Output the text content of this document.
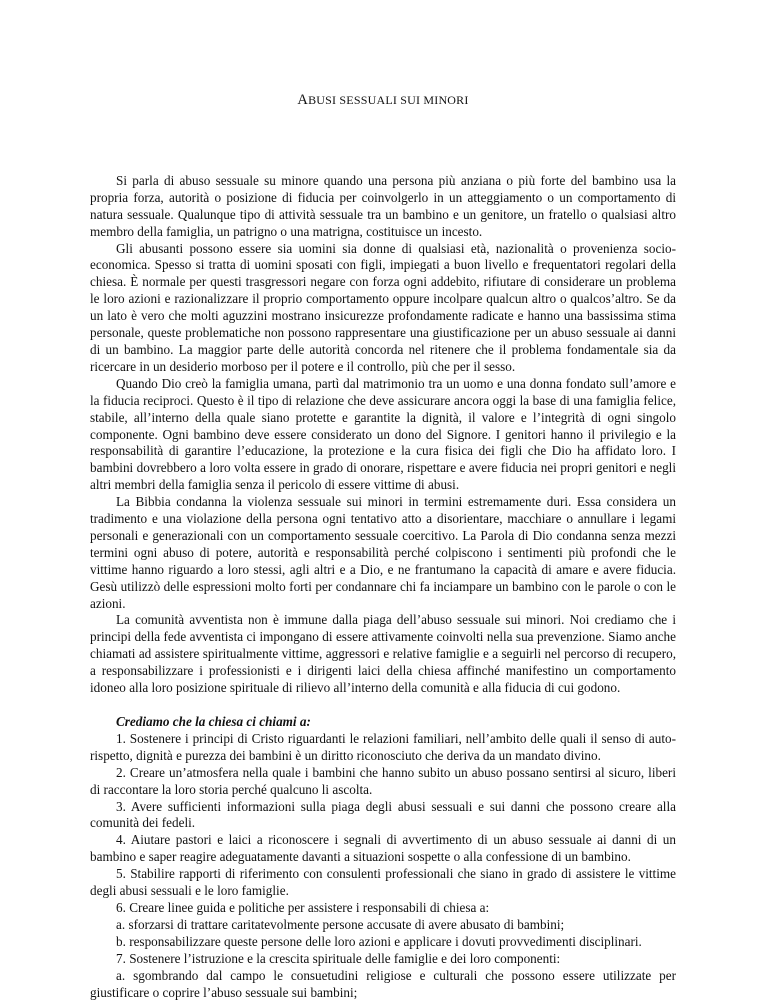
ABUSI SESSUALI SUI MINORI

Si parla di abuso sessuale su minore quando una persona più anziana o più forte del bambino usa la propria forza, autorità o posizione di fiducia per coinvolgerlo in un atteggiamento o un comportamento di natura sessuale. Qualunque tipo di attività sessuale tra un bambino e un genitore, un fratello o qualsiasi altro membro della famiglia, un patrigno o una matrigna, costituisce un incesto.

Gli abusanti possono essere sia uomini sia donne di qualsiasi età, nazionalità o provenienza socio-economica. Spesso si tratta di uomini sposati con figli, impiegati a buon livello e frequentatori regolari della chiesa. È normale per questi trasgressori negare con forza ogni addebito, rifiutare di considerare un problema le loro azioni e razionalizzare il proprio comportamento oppure incolpare qualcun altro o qualcos’altro. Se da un lato è vero che molti aguzzini mostrano insicurezze profondamente radicate e hanno una bassissima stima personale, queste problematiche non possono rappresentare una giustificazione per un abuso sessuale ai danni di un bambino. La maggior parte delle autorità concorda nel ritenere che il problema fondamentale sia da ricercare in un desiderio morboso per il potere e il controllo, più che per il sesso.

Quando Dio creò la famiglia umana, partì dal matrimonio tra un uomo e una donna fondato sull’amore e la fiducia reciproci. Questo è il tipo di relazione che deve assicurare ancora oggi la base di una famiglia felice, stabile, all’interno della quale siano protette e garantite la dignità, il valore e l’integrità di ogni singolo componente. Ogni bambino deve essere considerato un dono del Signore. I genitori hanno il privilegio e la responsabilità di garantire l’educazione, la protezione e la cura fisica dei figli che Dio ha affidato loro. I bambini dovrebbero a loro volta essere in grado di onorare, rispettare e avere fiducia nei propri genitori e negli altri membri della famiglia senza il pericolo di essere vittime di abusi.

La Bibbia condanna la violenza sessuale sui minori in termini estremamente duri. Essa considera un tradimento e una violazione della persona ogni tentativo atto a disorientare, macchiare o annullare i legami personali e generazionali con un comportamento sessuale coercitivo. La Parola di Dio condanna senza mezzi termini ogni abuso di potere, autorità e responsabilità perché colpiscono i sentimenti più profondi che le vittime hanno riguardo a loro stessi, agli altri e a Dio, e ne frantumano la capacità di amare e avere fiducia. Gesù utilizzò delle espressioni molto forti per condannare chi fa inciampare un bambino con le parole o con le azioni.

La comunità avventista non è immune dalla piaga dell’abuso sessuale sui minori. Noi crediamo che i principi della fede avventista ci impongano di essere attivamente coinvolti nella sua prevenzione. Siamo anche chiamati ad assistere spiritualmente vittime, aggressori e relative famiglie e a seguirli nel percorso di recupero, a responsabilizzare i professionisti e i dirigenti laici della chiesa affinché manifestino un comportamento idoneo alla loro posizione spirituale di rilievo all’interno della comunità e alla fiducia di cui godono.

Crediamo che la chiesa ci chiami a:

1. Sostenere i principi di Cristo riguardanti le relazioni familiari, nell’ambito delle quali il senso di auto-rispetto, dignità e purezza dei bambini è un diritto riconosciuto che deriva da un mandato divino.

2. Creare un’atmosfera nella quale i bambini che hanno subito un abuso possano sentirsi al sicuro, liberi di raccontare la loro storia perché qualcuno li ascolta.

3. Avere sufficienti informazioni sulla piaga degli abusi sessuali e sui danni che possono creare alla comunità dei fedeli.

4. Aiutare pastori e laici a riconoscere i segnali di avvertimento di un abuso sessuale ai danni di un bambino e saper reagire adeguatamente davanti a situazioni sospette o alla confessione di un bambino.

5. Stabilire rapporti di riferimento con consulenti professionali che siano in grado di assistere le vittime degli abusi sessuali e le loro famiglie.

6. Creare linee guida e politiche per assistere i responsabili di chiesa a:

a. sforzarsi di trattare caritatevolmente persone accusate di avere abusato di bambini;

b. responsabilizzare queste persone delle loro azioni e applicare i dovuti provvedimenti disciplinari.

7. Sostenere l’istruzione e la crescita spirituale delle famiglie e dei loro componenti:

a. sgombrando dal campo le consuetudini religiose e culturali che possono essere utilizzate per giustificare o coprire l’abuso sessuale sui bambini;
